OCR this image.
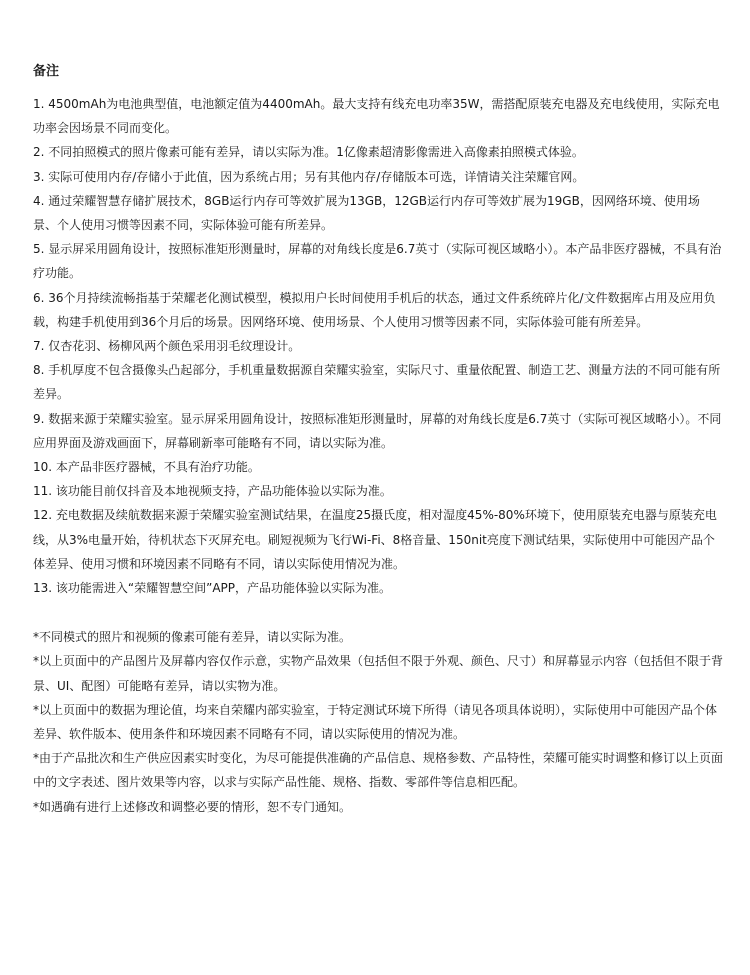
备注
1. 4500mAh为电池典型值，电池额定值为4400mAh。最大支持有线充电功率35W，需搭配原装充电器及充电线使用，实际充电功率会因场景不同而变化。
2. 不同拍照模式的照片像素可能有差异，请以实际为准。1亿像素超清影像需进入高像素拍照模式体验。
3. 实际可使用内存/存储小于此值，因为系统占用；另有其他内存/存储版本可选，详情请关注荣耀官网。
4. 通过荣耀智慧存储扩展技术，8GB运行内存可等效扩展为13GB，12GB运行内存可等效扩展为19GB，因网络环境、使用场景、个人使用习惯等因素不同，实际体验可能有所差异。
5. 显示屏采用圆角设计，按照标准矩形测量时，屏幕的对角线长度是6.7英寸（实际可视区域略小）。本产品非医疗器械，不具有治疗功能。
6. 36个月持续流畅指基于荣耀老化测试模型，模拟用户长时间使用手机后的状态，通过文件系统碎片化/文件数据库占用及应用负载，构建手机使用到36个月后的场景。因网络环境、使用场景、个人使用习惯等因素不同，实际体验可能有所差异。
7. 仅杏花羽、杨柳风两个颜色采用羽毛纹理设计。
8. 手机厚度不包含摄像头凸起部分，手机重量数据源自荣耀实验室，实际尺寸、重量依配置、制造工艺、测量方法的不同可能有所差异。
9. 数据来源于荣耀实验室。显示屏采用圆角设计，按照标准矩形测量时，屏幕的对角线长度是6.7英寸（实际可视区域略小）。不同应用界面及游戏画面下，屏幕刷新率可能略有不同，请以实际为准。
10. 本产品非医疗器械，不具有治疗功能。
11. 该功能目前仅抖音及本地视频支持，产品功能体验以实际为准。
12. 充电数据及续航数据来源于荣耀实验室测试结果，在温度25摄氏度，相对湿度45%-80%环境下，使用原装充电器与原装充电线，从3%电量开始，待机状态下灭屏充电。刷短视频为飞行Wi-Fi、8格音量、150nit亮度下测试结果，实际使用中可能因产品个体差异、使用习惯和环境因素不同略有不同，请以实际使用情况为准。
13. 该功能需进入“荣耀智慧空间”APP，产品功能体验以实际为准。
*不同模式的照片和视频的像素可能有差异，请以实际为准。
*以上页面中的产品图片及屏幕内容仅作示意，实物产品效果（包括但不限于外观、颜色、尺寸）和屏幕显示内容（包括但不限于背景、UI、配图）可能略有差异，请以实物为准。
*以上页面中的数据为理论值，均来自荣耀内部实验室，于特定测试环境下所得（请见各项具体说明），实际使用中可能因产品个体差异、软件版本、使用条件和环境因素不同略有不同，请以实际使用的情况为准。
*由于产品批次和生产供应因素实时变化，为尽可能提供准确的产品信息、规格参数、产品特性，荣耀可能实时调整和修订以上页面中的文字表述、图片效果等内容，以求与实际产品性能、规格、指数、零部件等信息相匹配。
*如遇确有进行上述修改和调整必要的情形，恕不专门通知。
